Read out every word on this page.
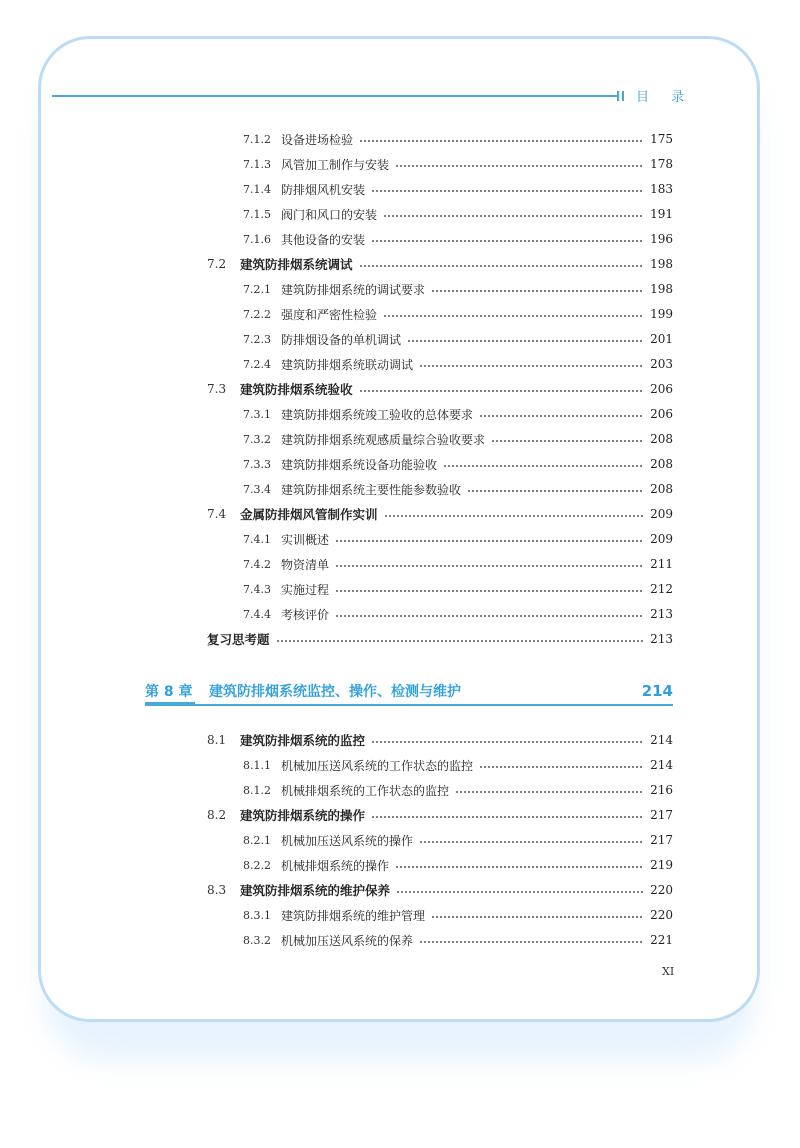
目 录
7.1.2 设备进场检验	175
7.1.3 风管加工制作与安装	178
7.1.4 防排烟风机安装	183
7.1.5 阀门和风口的安装	191
7.1.6 其他设备的安装	196
7.2	建筑防排烟系统调试	198
7.2.1 建筑防排烟系统的调试要求	198
7.2.2 强度和严密性检验	199
7.2.3 防排烟设备的单机调试	201
7.2.4 建筑防排烟系统联动调试	203
7.3	建筑防排烟系统验收	206
7.3.1 建筑防排烟系统竣工验收的总体要求	206
7.3.2 建筑防排烟系统观感质量综合验收要求	208
7.3.3 建筑防排烟系统设备功能验收	208
7.3.4 建筑防排烟系统主要性能参数验收	208
7.4	金属防排烟风管制作实训	209
7.4.1 实训概述	209
7.4.2 物资清单	211
7.4.3 实施过程	212
7.4.4 考核评价	213
复习思考题	213
第 8 章	建筑防排烟系统监控、操作、检测与维护	214
8.1	建筑防排烟系统的监控	214
8.1.1 机械加压送风系统的工作状态的监控	214
8.1.2 机械排烟系统的工作状态的监控	216
8.2	建筑防排烟系统的操作	217
8.2.1 机械加压送风系统的操作	217
8.2.2 机械排烟系统的操作	219
8.3	建筑防排烟系统的维护保养	220
8.3.1 建筑防排烟系统的维护管理	220
8.3.2 机械加压送风系统的保养	221
XI
